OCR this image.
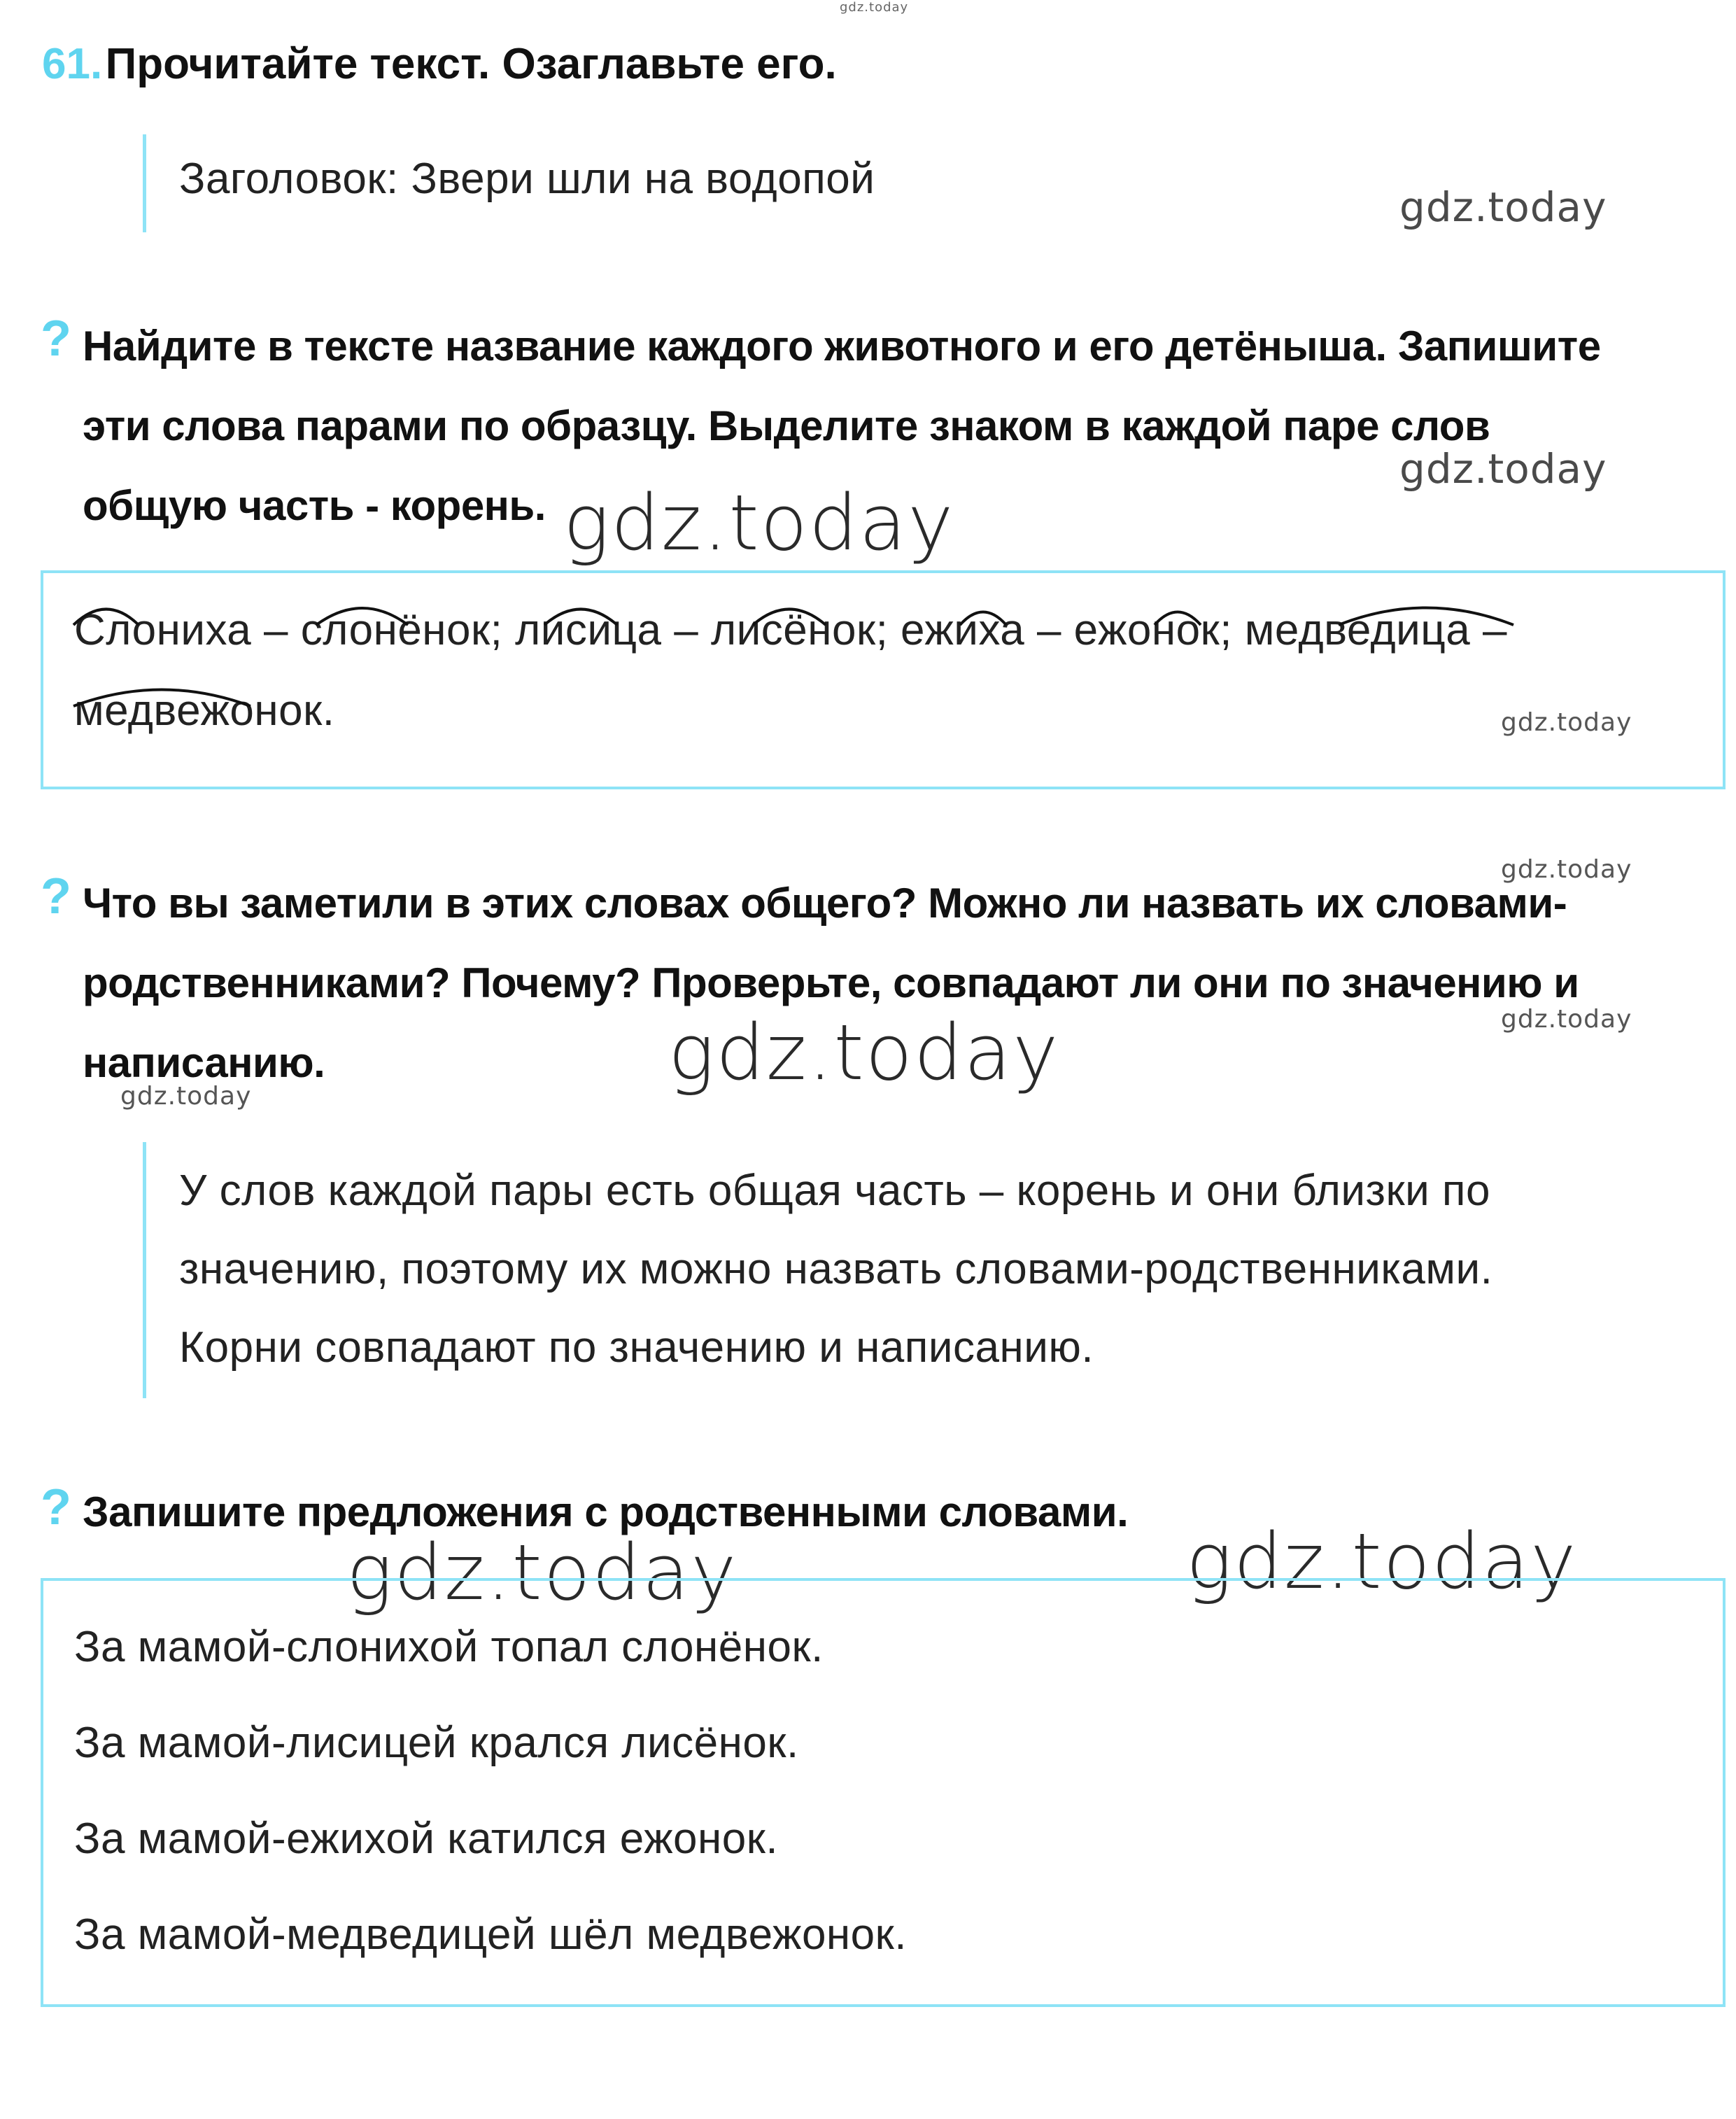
gdz.today
61. Прочитайте текст. Озаглавьте его.
Заголовок: Звери шли на водопой
gdz.today
? Найдите в тексте название каждого животного и его детёныша. Запишите
эти слова парами по образцу. Выделите знаком в каждой паре слов
общую часть - корень.
gdz.today
gdz.today
Слониха – слонёнок; лисица – лисёнок; ежиха – ежонок; медведица –
медвежонок.	gdz.today
gdz.today
? Что вы заметили в этих словах общего? Можно ли назвать их словами-
родственниками? Почему? Проверьте, совпадают ли они по значению и
написанию.
gdz.today
gdz.today
gdz.today
У слов каждой пары есть общая часть – корень и они близки по
значению, поэтому их можно назвать словами-родственниками.
Корни совпадают по значению и написанию.
? Запишите предложения с родственными словами.
gdz.today	gdz.today
За мамой-слонихой топал слонёнок.
За мамой-лисицей крался лисёнок.
За мамой-ежихой катился ежонок.
За мамой-медведицей шёл медвежонок.
